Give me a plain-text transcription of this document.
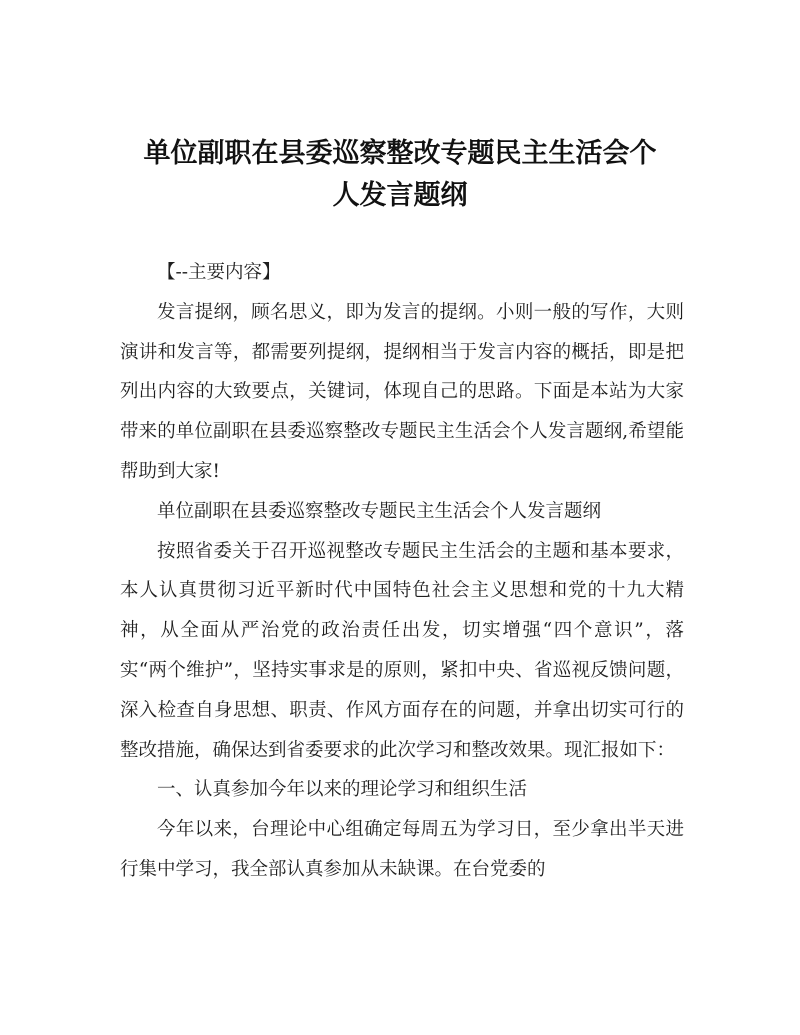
单位副职在县委巡察整改专题民主生活会个
人发言题纲

【--主要内容】

发言提纲，顾名思义，即为发言的提纲。小则一般的写作，大则演讲和发言等，都需要列提纲，提纲相当于发言内容的概括，即是把列出内容的大致要点，关键词，体现自己的思路。下面是本站为大家带来的单位副职在县委巡察整改专题民主生活会个人发言题纲,希望能帮助到大家!

单位副职在县委巡察整改专题民主生活会个人发言题纲

按照省委关于召开巡视整改专题民主生活会的主题和基本要求，本人认真贯彻习近平新时代中国特色社会主义思想和党的十九大精神，从全面从严治党的政治责任出发，切实增强“四个意识”，落实“两个维护”，坚持实事求是的原则，紧扣中央、省巡视反馈问题，深入检查自身思想、职责、作风方面存在的问题，并拿出切实可行的整改措施，确保达到省委要求的此次学习和整改效果。现汇报如下：

一、认真参加今年以来的理论学习和组织生活

今年以来，台理论中心组确定每周五为学习日，至少拿出半天进行集中学习，我全部认真参加从未缺课。在台党委的
